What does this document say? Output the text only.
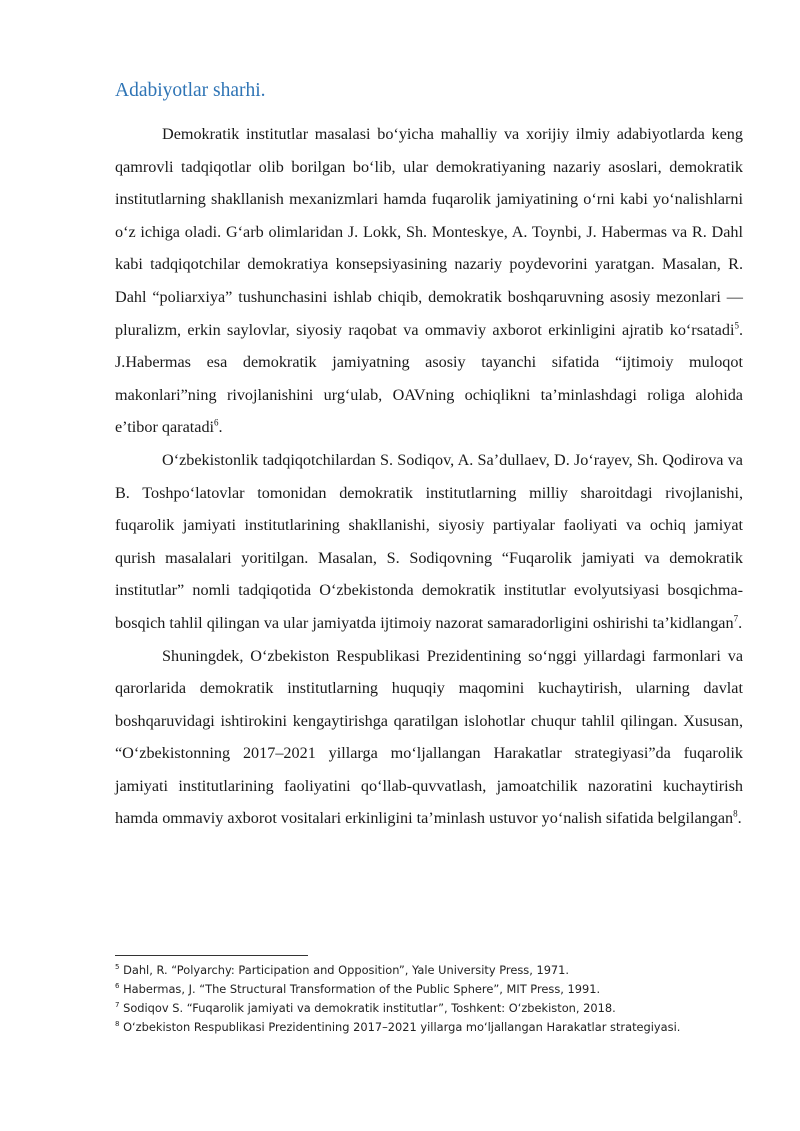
Adabiyotlar sharhi.

Demokratik institutlar masalasi bo‘yicha mahalliy va xorijiy ilmiy adabiyotlarda keng qamrovli tadqiqotlar olib borilgan bo‘lib, ular demokratiyaning nazariy asoslari, demokratik institutlarning shakllanish mexanizmlari hamda fuqarolik jamiyatining o‘rni kabi yo‘nalishlarni o‘z ichiga oladi. G‘arb olimlaridan J. Lokk, Sh. Monteskye, A. Toynbi, J. Habermas va R. Dahl kabi tadqiqotchilar demokratiya konsepsiyasining nazariy poydevorini yaratgan. Masalan, R. Dahl “poliarxiya” tushunchasini ishlab chiqib, demokratik boshqaruvning asosiy mezonlari — pluralizm, erkin saylovlar, siyosiy raqobat va ommaviy axborot erkinligini ajratib ko‘rsatadi$^5$. J.Habermas esa demokratik jamiyatning asosiy tayanchi sifatida “ijtimoiy muloqot makonlari”ning rivojlanishini urg‘ulab, OAVning ochiqlikni ta’minlashdagi roliga alohida e’tibor qaratadi$^6$.

O‘zbekistonlik tadqiqotchilardan S. Sodiqov, A. Sa’dullaev, D. Jo‘rayev, Sh. Qodirova va B. Toshpo‘latovlar tomonidan demokratik institutlarning milliy sharoitdagi rivojlanishi, fuqarolik jamiyati institutlarining shakllanishi, siyosiy partiyalar faoliyati va ochiq jamiyat qurish masalalari yoritilgan. Masalan, S. Sodiqovning “Fuqarolik jamiyati va demokratik institutlar” nomli tadqiqotida O‘zbekistonda demokratik institutlar evolyutsiyasi bosqichma-bosqich tahlil qilingan va ular jamiyatda ijtimoiy nazorat samaradorligini oshirishi ta’kidlangan$^7$.

Shuningdek, O‘zbekiston Respublikasi Prezidentining so‘nggi yillardagi farmonlari va qarorlarida demokratik institutlarning huquqiy maqomini kuchaytirish, ularning davlat boshqaruvidagi ishtirokini kengaytirishga qaratilgan islohotlar chuqur tahlil qilingan. Xususan, “O‘zbekistonning 2017–2021 yillarga mo‘ljallangan Harakatlar strategiyasi”da fuqarolik jamiyati institutlarining faoliyatini qo‘llab-quvvatlash, jamoatchilik nazoratini kuchaytirish hamda ommaviy axborot vositalari erkinligini ta’minlash ustuvor yo‘nalish sifatida belgilangan$^8$.

$^5$ Dahl, R. “Polyarchy: Participation and Opposition”, Yale University Press, 1971.

$^6$ Habermas, J. “The Structural Transformation of the Public Sphere”, MIT Press, 1991.

$^7$ Sodiqov S. “Fuqarolik jamiyati va demokratik institutlar”, Toshkent: O‘zbekiston, 2018.

$^8$ O‘zbekiston Respublikasi Prezidentining 2017–2021 yillarga mo‘ljallangan Harakatlar strategiyasi.
